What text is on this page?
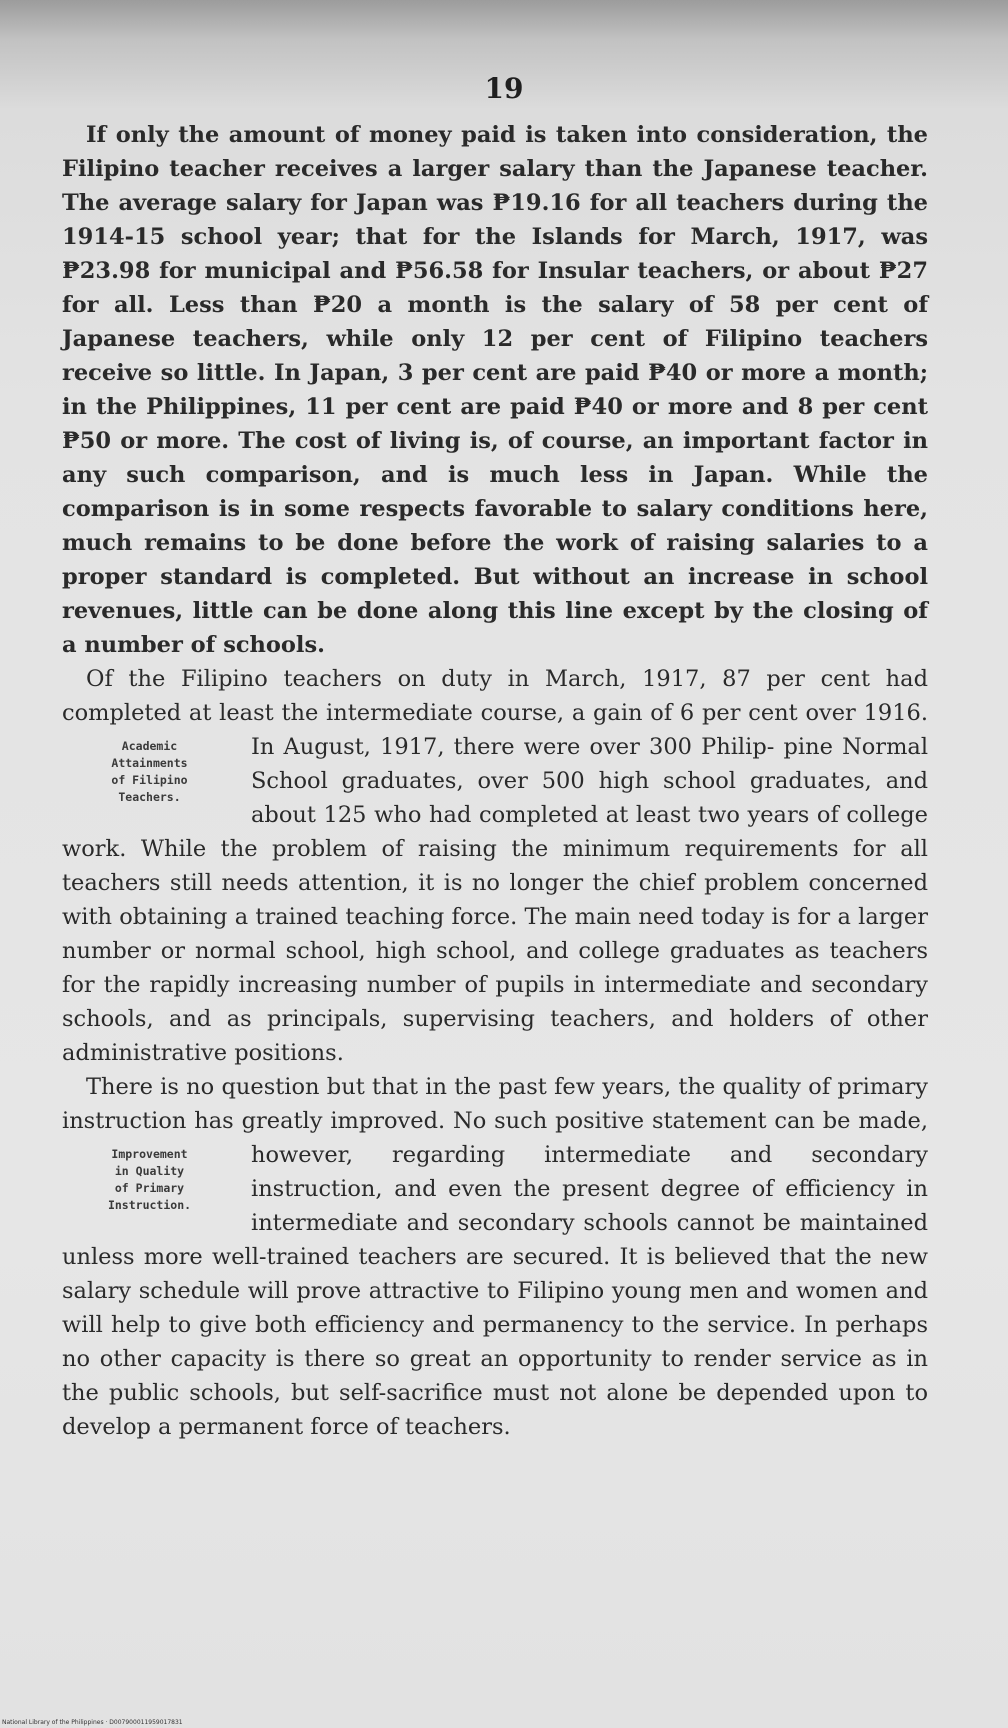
19

If only the amount of money paid is taken into consideration, the Filipino teacher receives a larger salary than the Japanese teacher. The average salary for Japan was ₱19.16 for all teachers during the 1914-15 school year; that for the Islands for March, 1917, was ₱23.98 for municipal and ₱56.58 for Insular teachers, or about ₱27 for all. Less than ₱20 a month is the salary of 58 per cent of Japanese teachers, while only 12 per cent of Filipino teachers receive so little. In Japan, 3 per cent are paid ₱40 or more a month; in the Philippines, 11 per cent are paid ₱40 or more and 8 per cent ₱50 or more. The cost of living is, of course, an important factor in any such comparison, and is much less in Japan. While the comparison is in some respects favorable to salary conditions here, much remains to be done before the work of raising salaries to a proper standard is completed. But without an increase in school revenues, little can be done along this line except by the closing of a number of schools.

Of the Filipino teachers on duty in March, 1917, 87 per cent had completed at least the intermediate course, a gain of 6 per cent over 1916. In August, 1917, there were over 300 Philip-
Academic
Attainments
of Filipino
Teachers.
pine Normal School graduates, over 500 high school graduates, and about 125 who had completed at least two years of college work. While the problem of raising the minimum requirements for all teachers still needs attention, it is no longer the chief problem concerned with obtaining a trained teaching force. The main need today is for a larger number or normal school, high school, and college graduates as teachers for the rapidly increasing number of pupils in intermediate and secondary schools, and as principals, supervising teachers, and holders of other administrative positions.

There is no question but that in the past few years, the quality of primary instruction has greatly improved. No such positive statement can be made, however, regarding intermediate and
Improvement
in Quality
of Primary
Instruction.
secondary instruction, and even the present degree of efficiency in intermediate and secondary schools cannot be maintained unless more well-trained teachers are secured. It is believed that the new salary schedule will prove attractive to Filipino young men and women and will help to give both efficiency and permanency to the service. In perhaps no other capacity is there so great an opportunity to render service as in the public schools, but self-sacrifice must not alone be depended upon to develop a permanent force of teachers.

National Library of the Philippines · D007900011959017831
